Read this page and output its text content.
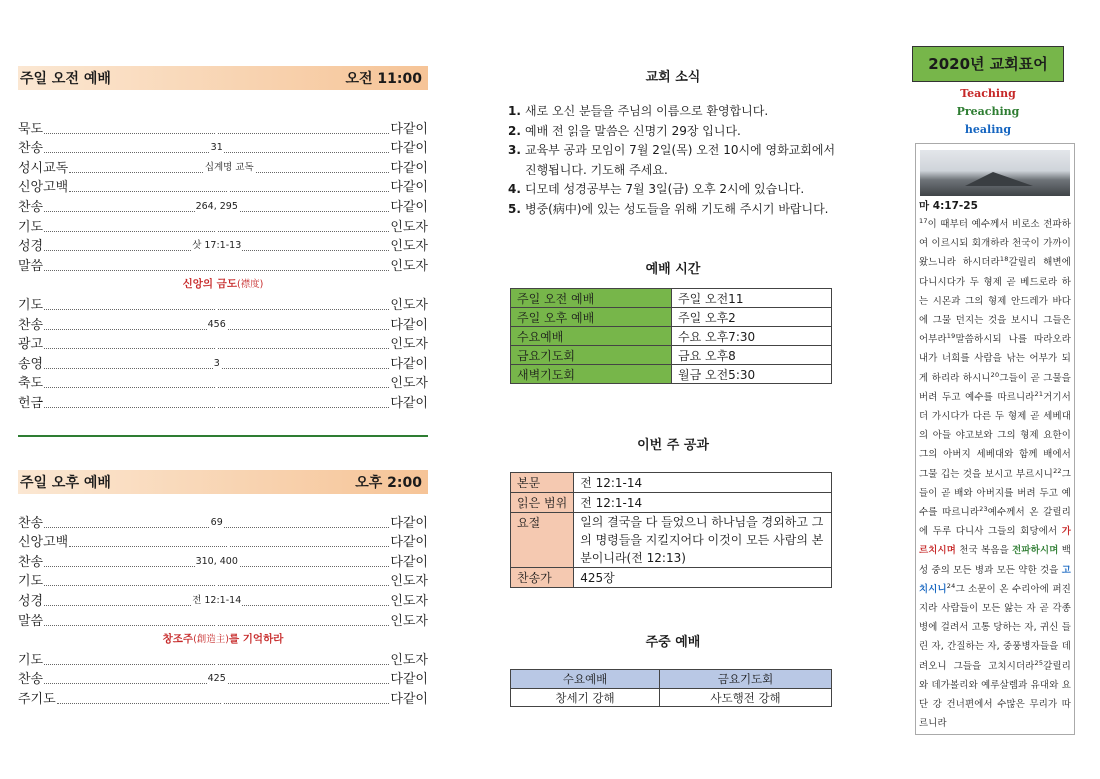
주일 오전 예배	오전 11:00
묵도	다같이
찬송	31	다같이
성시교독	십계명 교독	다같이
신앙고백	다같이
찬송	264, 295	다같이
기도	인도자
성경	삿 17:1-13	인도자
말씀	인도자
신앙의 금도(襟度)
기도	인도자
찬송	456	다같이
광고	인도자
송영	3	다같이
축도	인도자
헌금	다같이
주일 오후 예배	오후 2:00
찬송	69	다같이
신앙고백	다같이
찬송	310, 400	다같이
기도	인도자
성경	전 12:1-14	인도자
말씀	인도자
창조주(創造主)를 기억하라
기도	인도자
찬송	425	다같이
주기도	다같이
교회 소식
1. 새로 오신 분들을 주님의 이름으로 환영합니다.
2. 예배 전 읽을 말씀은 신명기 29장 입니다.
3. 교육부 공과 모임이 7월 2일(목) 오전 10시에 영화교회에서 진행됩니다. 기도해 주세요.
4. 디모데 성경공부는 7월 3일(금) 오후 2시에 있습니다.
5. 병중(病中)에 있는 성도들을 위해 기도해 주시기 바랍니다.
예배 시간
주일 오전 예배	주일 오전11
주일 오후 예배	주일 오후2
수요예배	수요 오후7:30
금요기도회	금요 오후8
새벽기도회	월금 오전5:30
이번 주 공과
본문	전 12:1-14
읽은 범위	전 12:1-14
요절	일의 결국을 다 들었으니 하나님을 경외하고 그의 명령들을 지킬지어다 이것이 모든 사람의 본분이니라(전 12:13)
찬송가	425장
주중 예배
수요예배	금요기도회
창세기 강해	사도행전 강해
2020년 교회표어
Teaching
Preaching
healing
마 4:17-25
$^{17}$이 때부터 예수께서 비로소 전파하여 이르시되 회개하라 천국이 가까이 왔느니라 하시더라$^{18}$갈릴리 해변에 다니시다가 두 형제 곧 베드로라 하는 시몬과 그의 형제 안드레가 바다에 그물 던지는 것을 보시니 그들은 어부라$^{19}$말씀하시되 나를 따라오라 내가 너희를 사람을 낚는 어부가 되게 하리라 하시니$^{20}$그들이 곧 그물을 버려 두고 예수를 따르니라$^{21}$거기서 더 가시다가 다른 두 형제 곧 세베대의 아들 야고보와 그의 형제 요한이 그의 아버지 세베대와 함께 배에서 그물 깁는 것을 보시고 부르시니$^{22}$그들이 곧 배와 아버지를 버려 두고 예수를 따르니라$^{23}$예수께서 온 갈릴리에 두루 다니사 그들의 회당에서 가르치시며 천국 복음을 전파하시며 백성 중의 모든 병과 모든 약한 것을 고치시니$^{24}$그 소문이 온 수리아에 퍼진지라 사람들이 모든 앓는 자 곧 각종 병에 걸려서 고통 당하는 자, 귀신 들린 자, 간질하는 자, 중풍병자들을 데려오니 그들을 고치시더라$^{25}$갈릴리와 데가볼리와 예루살렘과 유대와 요단 강 건너편에서 수많은 무리가 따르니라
